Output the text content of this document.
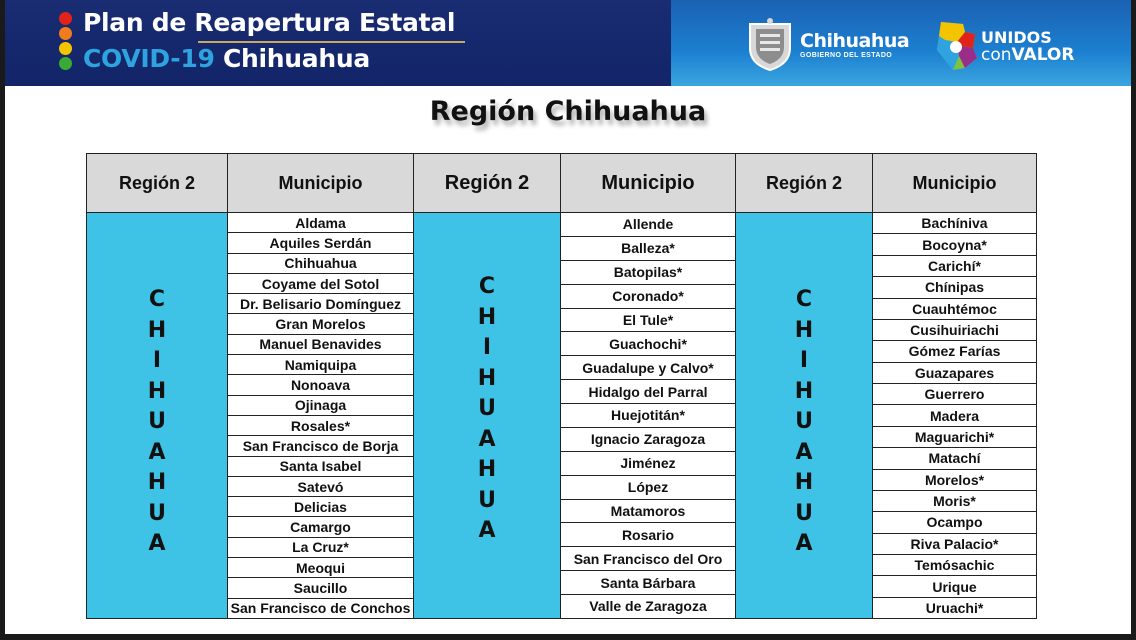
Plan de Reapertura Estatal
COVID-19 Chihuahua
Chihuahua
GOBIERNO DEL ESTADO
UNIDOS
conVALOR
Región Chihuahua
Región 2	Municipio
C
H
I
H
U
A
H
U
A
Aldama
Aquiles Serdán
Chihuahua
Coyame del Sotol
Dr. Belisario Domínguez
Gran Morelos
Manuel Benavides
Namiquipa
Nonoava
Ojinaga
Rosales*
San Francisco de Borja
Santa Isabel
Satevó
Delicias
Camargo
La Cruz*
Meoqui
Saucillo
San Francisco de Conchos
Región 2	Municipio
C
H
I
H
U
A
H
U
A
Allende
Balleza*
Batopilas*
Coronado*
El Tule*
Guachochi*
Guadalupe y Calvo*
Hidalgo del Parral
Huejotitán*
Ignacio Zaragoza
Jiménez
López
Matamoros
Rosario
San Francisco del Oro
Santa Bárbara
Valle de Zaragoza
Región 2	Municipio
C
H
I
H
U
A
H
U
A
Bachíniva
Bocoyna*
Carichí*
Chínipas
Cuauhtémoc
Cusihuiriachi
Gómez Farías
Guazapares
Guerrero
Madera
Maguarichi*
Matachí
Morelos*
Moris*
Ocampo
Riva Palacio*
Temósachic
Urique
Uruachi*
